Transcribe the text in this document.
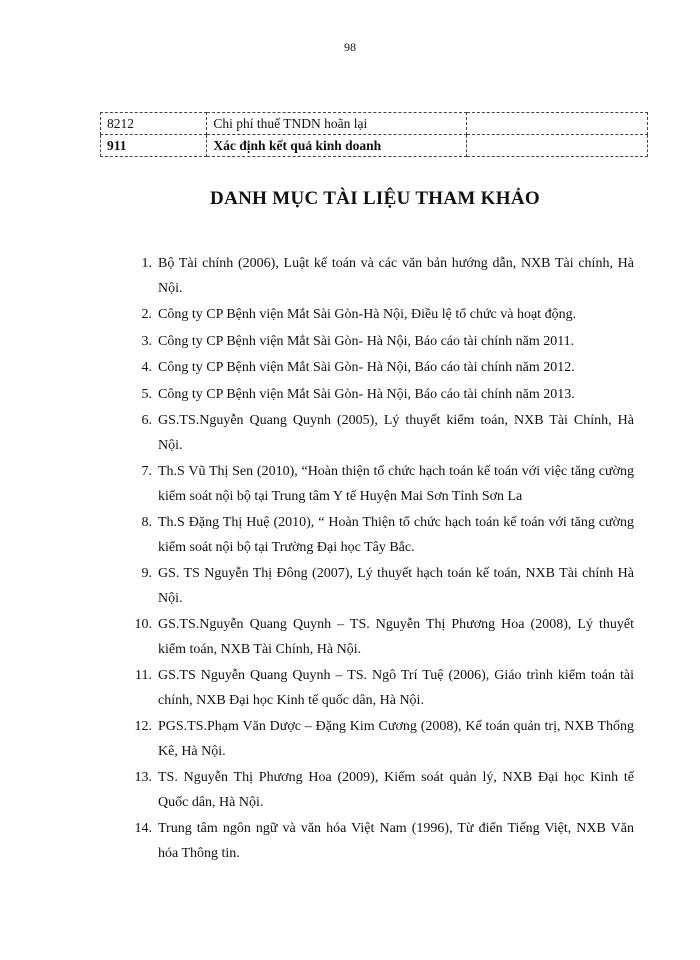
98
8212	Chi phí thuế TNDN hoãn lại	
911	Xác định kết quả kinh doanh	
DANH MỤC TÀI LIỆU THAM KHẢO
1. Bộ Tài chính (2006), Luật kế toán và các văn bản hướng dẫn, NXB Tài chính, Hà Nội.
2. Công ty CP Bệnh viện Mắt Sài Gòn-Hà Nội, Điều lệ tổ chức và hoạt động.
3. Công ty CP Bệnh viện Mắt Sài Gòn- Hà Nội, Báo cáo tài chính năm 2011.
4. Công ty CP Bệnh viện Mắt Sài Gòn- Hà Nội, Báo cáo tài chính năm 2012.
5. Công ty CP Bệnh viện Mắt Sài Gòn- Hà Nội, Báo cáo tài chính năm 2013.
6. GS.TS.Nguyễn Quang Quynh (2005), Lý thuyết kiểm toán, NXB Tài Chính, Hà Nội.
7. Th.S Vũ Thị Sen (2010), “Hoàn thiện tổ chức hạch toán kế toán với việc tăng cường kiểm soát nội bộ tại Trung tâm Y tế Huyện Mai Sơn Tỉnh Sơn La
8. Th.S Đặng Thị Huệ (2010), “ Hoàn Thiện tổ chức hạch toán kế toán với tăng cường kiểm soát nội bộ tại Trường Đại học Tây Bắc.
9. GS. TS Nguyễn Thị Đông (2007), Lý thuyết hạch toán kế toán, NXB Tài chính Hà Nội.
10. GS.TS.Nguyễn Quang Quynh – TS. Nguyễn Thị Phương Hoa (2008), Lý thuyết kiểm toán, NXB Tài Chính, Hà Nội.
11. GS.TS Nguyễn Quang Quynh – TS. Ngô Trí Tuệ (2006), Giáo trình kiểm toán tài chính, NXB Đại học Kinh tế quốc dân, Hà Nội.
12. PGS.TS.Phạm Văn Dược – Đặng Kim Cương (2008), Kế toán quản trị, NXB Thống Kê, Hà Nội.
13. TS. Nguyễn Thị Phương Hoa (2009), Kiểm soát quản lý, NXB Đại học Kinh tế Quốc dân, Hà Nội.
14. Trung tâm ngôn ngữ và văn hóa Việt Nam (1996), Từ điển Tiếng Việt, NXB Văn hóa Thông tin.
